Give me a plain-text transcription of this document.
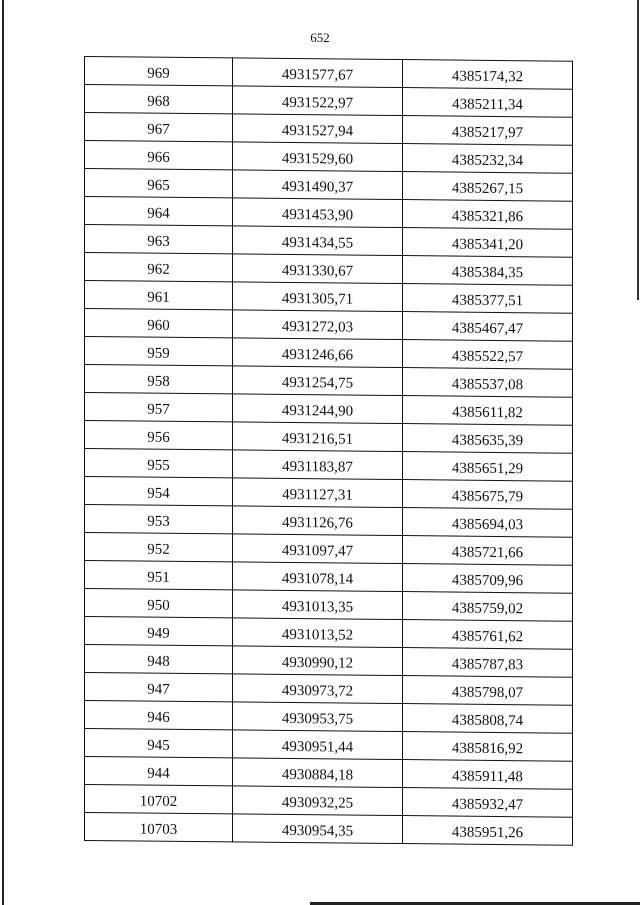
652
969	4931577,67	4385174,32
968	4931522,97	4385211,34
967	4931527,94	4385217,97
966	4931529,60	4385232,34
965	4931490,37	4385267,15
964	4931453,90	4385321,86
963	4931434,55	4385341,20
962	4931330,67	4385384,35
961	4931305,71	4385377,51
960	4931272,03	4385467,47
959	4931246,66	4385522,57
958	4931254,75	4385537,08
957	4931244,90	4385611,82
956	4931216,51	4385635,39
955	4931183,87	4385651,29
954	4931127,31	4385675,79
953	4931126,76	4385694,03
952	4931097,47	4385721,66
951	4931078,14	4385709,96
950	4931013,35	4385759,02
949	4931013,52	4385761,62
948	4930990,12	4385787,83
947	4930973,72	4385798,07
946	4930953,75	4385808,74
945	4930951,44	4385816,92
944	4930884,18	4385911,48
10702	4930932,25	4385932,47
10703	4930954,35	4385951,26
